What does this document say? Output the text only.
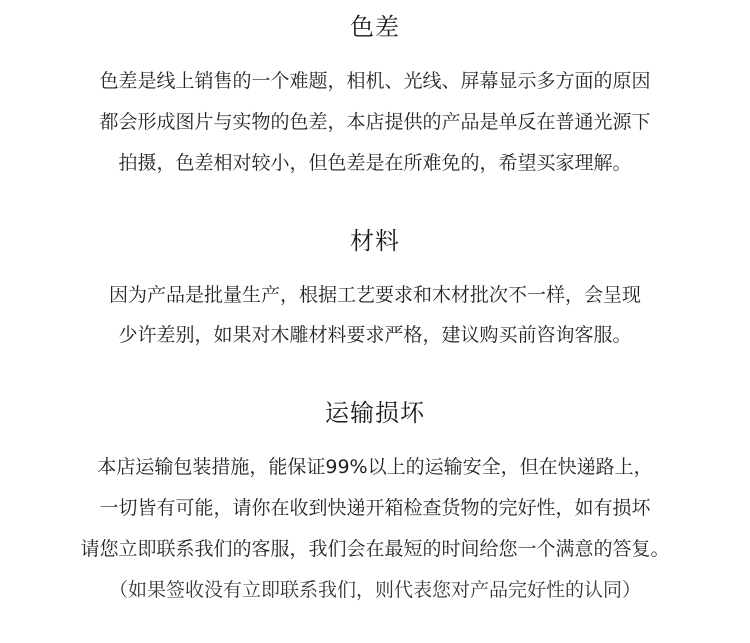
色差
色差是线上销售的一个难题，相机、光线、屏幕显示多方面的原因
都会形成图片与实物的色差，本店提供的产品是单反在普通光源下
拍摄，色差相对较小，但色差是在所难免的，希望买家理解。
材料
因为产品是批量生产，根据工艺要求和木材批次不一样，会呈现
少许差别，如果对木雕材料要求严格，建议购买前咨询客服。
运输损坏
本店运输包装措施，能保证99%以上的运输安全，但在快递路上，
一切皆有可能，请你在收到快递开箱检查货物的完好性，如有损坏
请您立即联系我们的客服，我们会在最短的时间给您一个满意的答复。
（如果签收没有立即联系我们，则代表您对产品完好性的认同）
